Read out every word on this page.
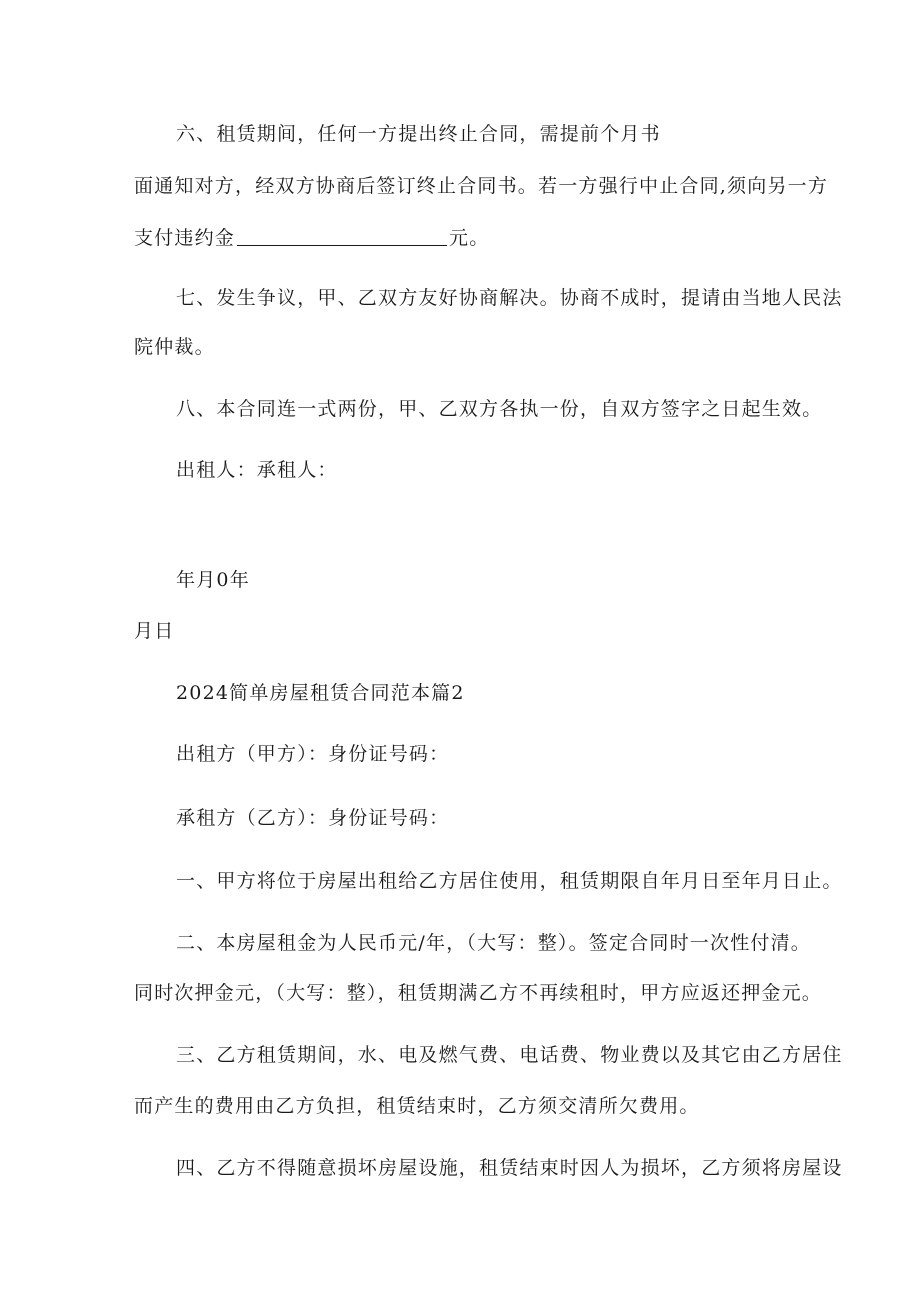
六、租赁期间，任何一方提出终止合同，需提前个月书
面通知对方，经双方协商后签订终止合同书。若一方强行中止合同,须向另一方
支付违约金	元。
七、发生争议，甲、乙双方友好协商解决。协商不成时，提请由当地人民法
院仲裁。
八、本合同连一式两份，甲、乙双方各执一份，自双方签字之日起生效。
出租人：承租人：
年月0年
月日
2024简单房屋租赁合同范本篇2
出租方（甲方）：身份证号码：
承租方（乙方）：身份证号码：
一、甲方将位于房屋出租给乙方居住使用，租赁期限自年月日至年月日止。
二、本房屋租金为人民币元/年，（大写：整）。签定合同时一次性付清。
同时次押金元，（大写：整），租赁期满乙方不再续租时，甲方应返还押金元。
三、乙方租赁期间，水、电及燃气费、电话费、物业费以及其它由乙方居住
而产生的费用由乙方负担，租赁结束时，乙方须交清所欠费用。
四、乙方不得随意损坏房屋设施，租赁结束时因人为损坏，乙方须将房屋设
